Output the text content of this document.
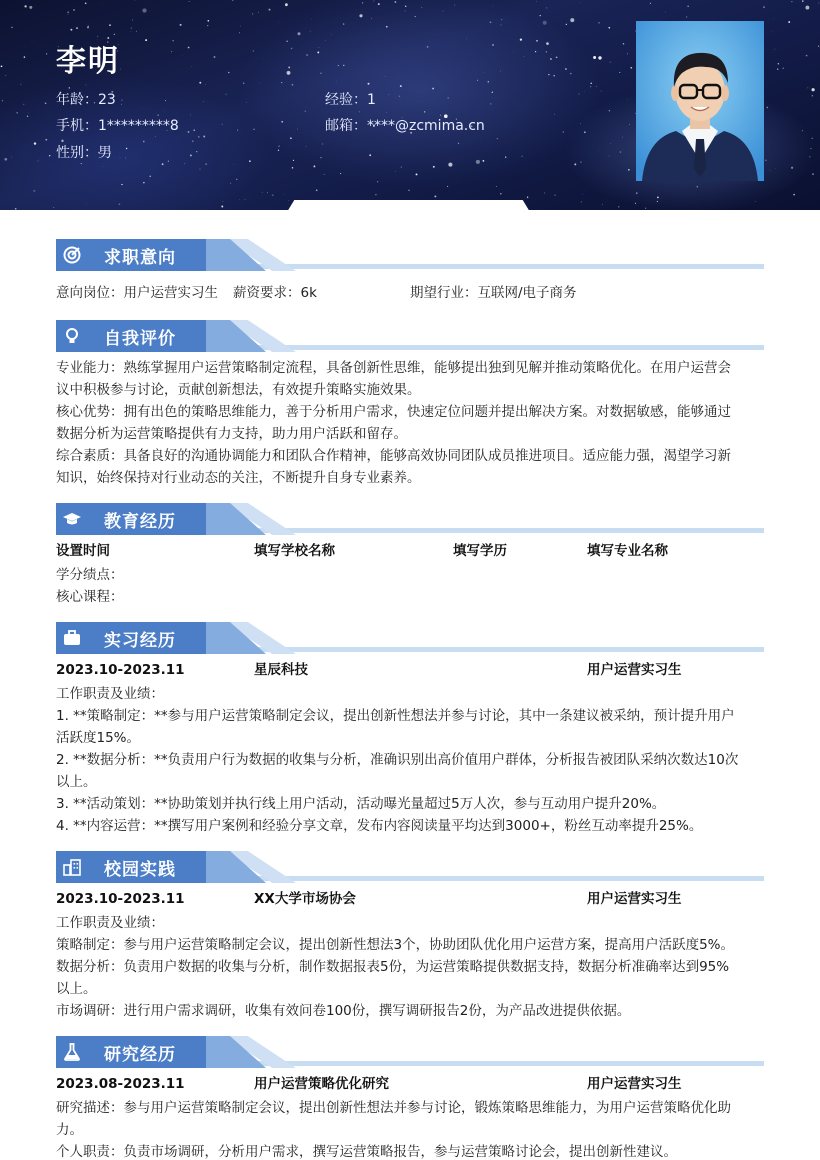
李明
年龄：23	经验：1
手机：1*********8	邮箱：****@zcmima.cn
性别：男
求职意向
意向岗位：用户运营实习生 薪资要求：6k	期望行业：互联网/电子商务
自我评价
专业能力：熟练掌握用户运营策略制定流程，具备创新性思维，能够提出独到见解并推动策略优化。在用户运营会
议中积极参与讨论，贡献创新想法，有效提升策略实施效果。
核心优势：拥有出色的策略思维能力，善于分析用户需求，快速定位问题并提出解决方案。对数据敏感，能够通过
数据分析为运营策略提供有力支持，助力用户活跃和留存。
综合素质：具备良好的沟通协调能力和团队合作精神，能够高效协同团队成员推进项目。适应能力强，渴望学习新
知识，始终保持对行业动态的关注，不断提升自身专业素养。
教育经历
设置时间	填写学校名称	填写学历	填写专业名称
学分绩点：
核心课程：
实习经历
2023.10-2023.11	星辰科技	用户运营实习生
工作职责及业绩：
1. **策略制定：**参与用户运营策略制定会议，提出创新性想法并参与讨论，其中一条建议被采纳，预计提升用户
活跃度15%。
2. **数据分析：**负责用户行为数据的收集与分析，准确识别出高价值用户群体，分析报告被团队采纳次数达10次
以上。
3. **活动策划：**协助策划并执行线上用户活动，活动曝光量超过5万人次，参与互动用户提升20%。
4. **内容运营：**撰写用户案例和经验分享文章，发布内容阅读量平均达到3000+，粉丝互动率提升25%。
校园实践
2023.10-2023.11	XX大学市场协会	用户运营实习生
工作职责及业绩：
策略制定：参与用户运营策略制定会议，提出创新性想法3个，协助团队优化用户运营方案，提高用户活跃度5%。
数据分析：负责用户数据的收集与分析，制作数据报表5份，为运营策略提供数据支持，数据分析准确率达到95%
以上。
市场调研：进行用户需求调研，收集有效问卷100份，撰写调研报告2份，为产品改进提供依据。
研究经历
2023.08-2023.11	用户运营策略优化研究	用户运营实习生
研究描述：参与用户运营策略制定会议，提出创新性想法并参与讨论，锻炼策略思维能力，为用户运营策略优化助
力。
个人职责：负责市场调研，分析用户需求，撰写运营策略报告，参与运营策略讨论会，提出创新性建议。
